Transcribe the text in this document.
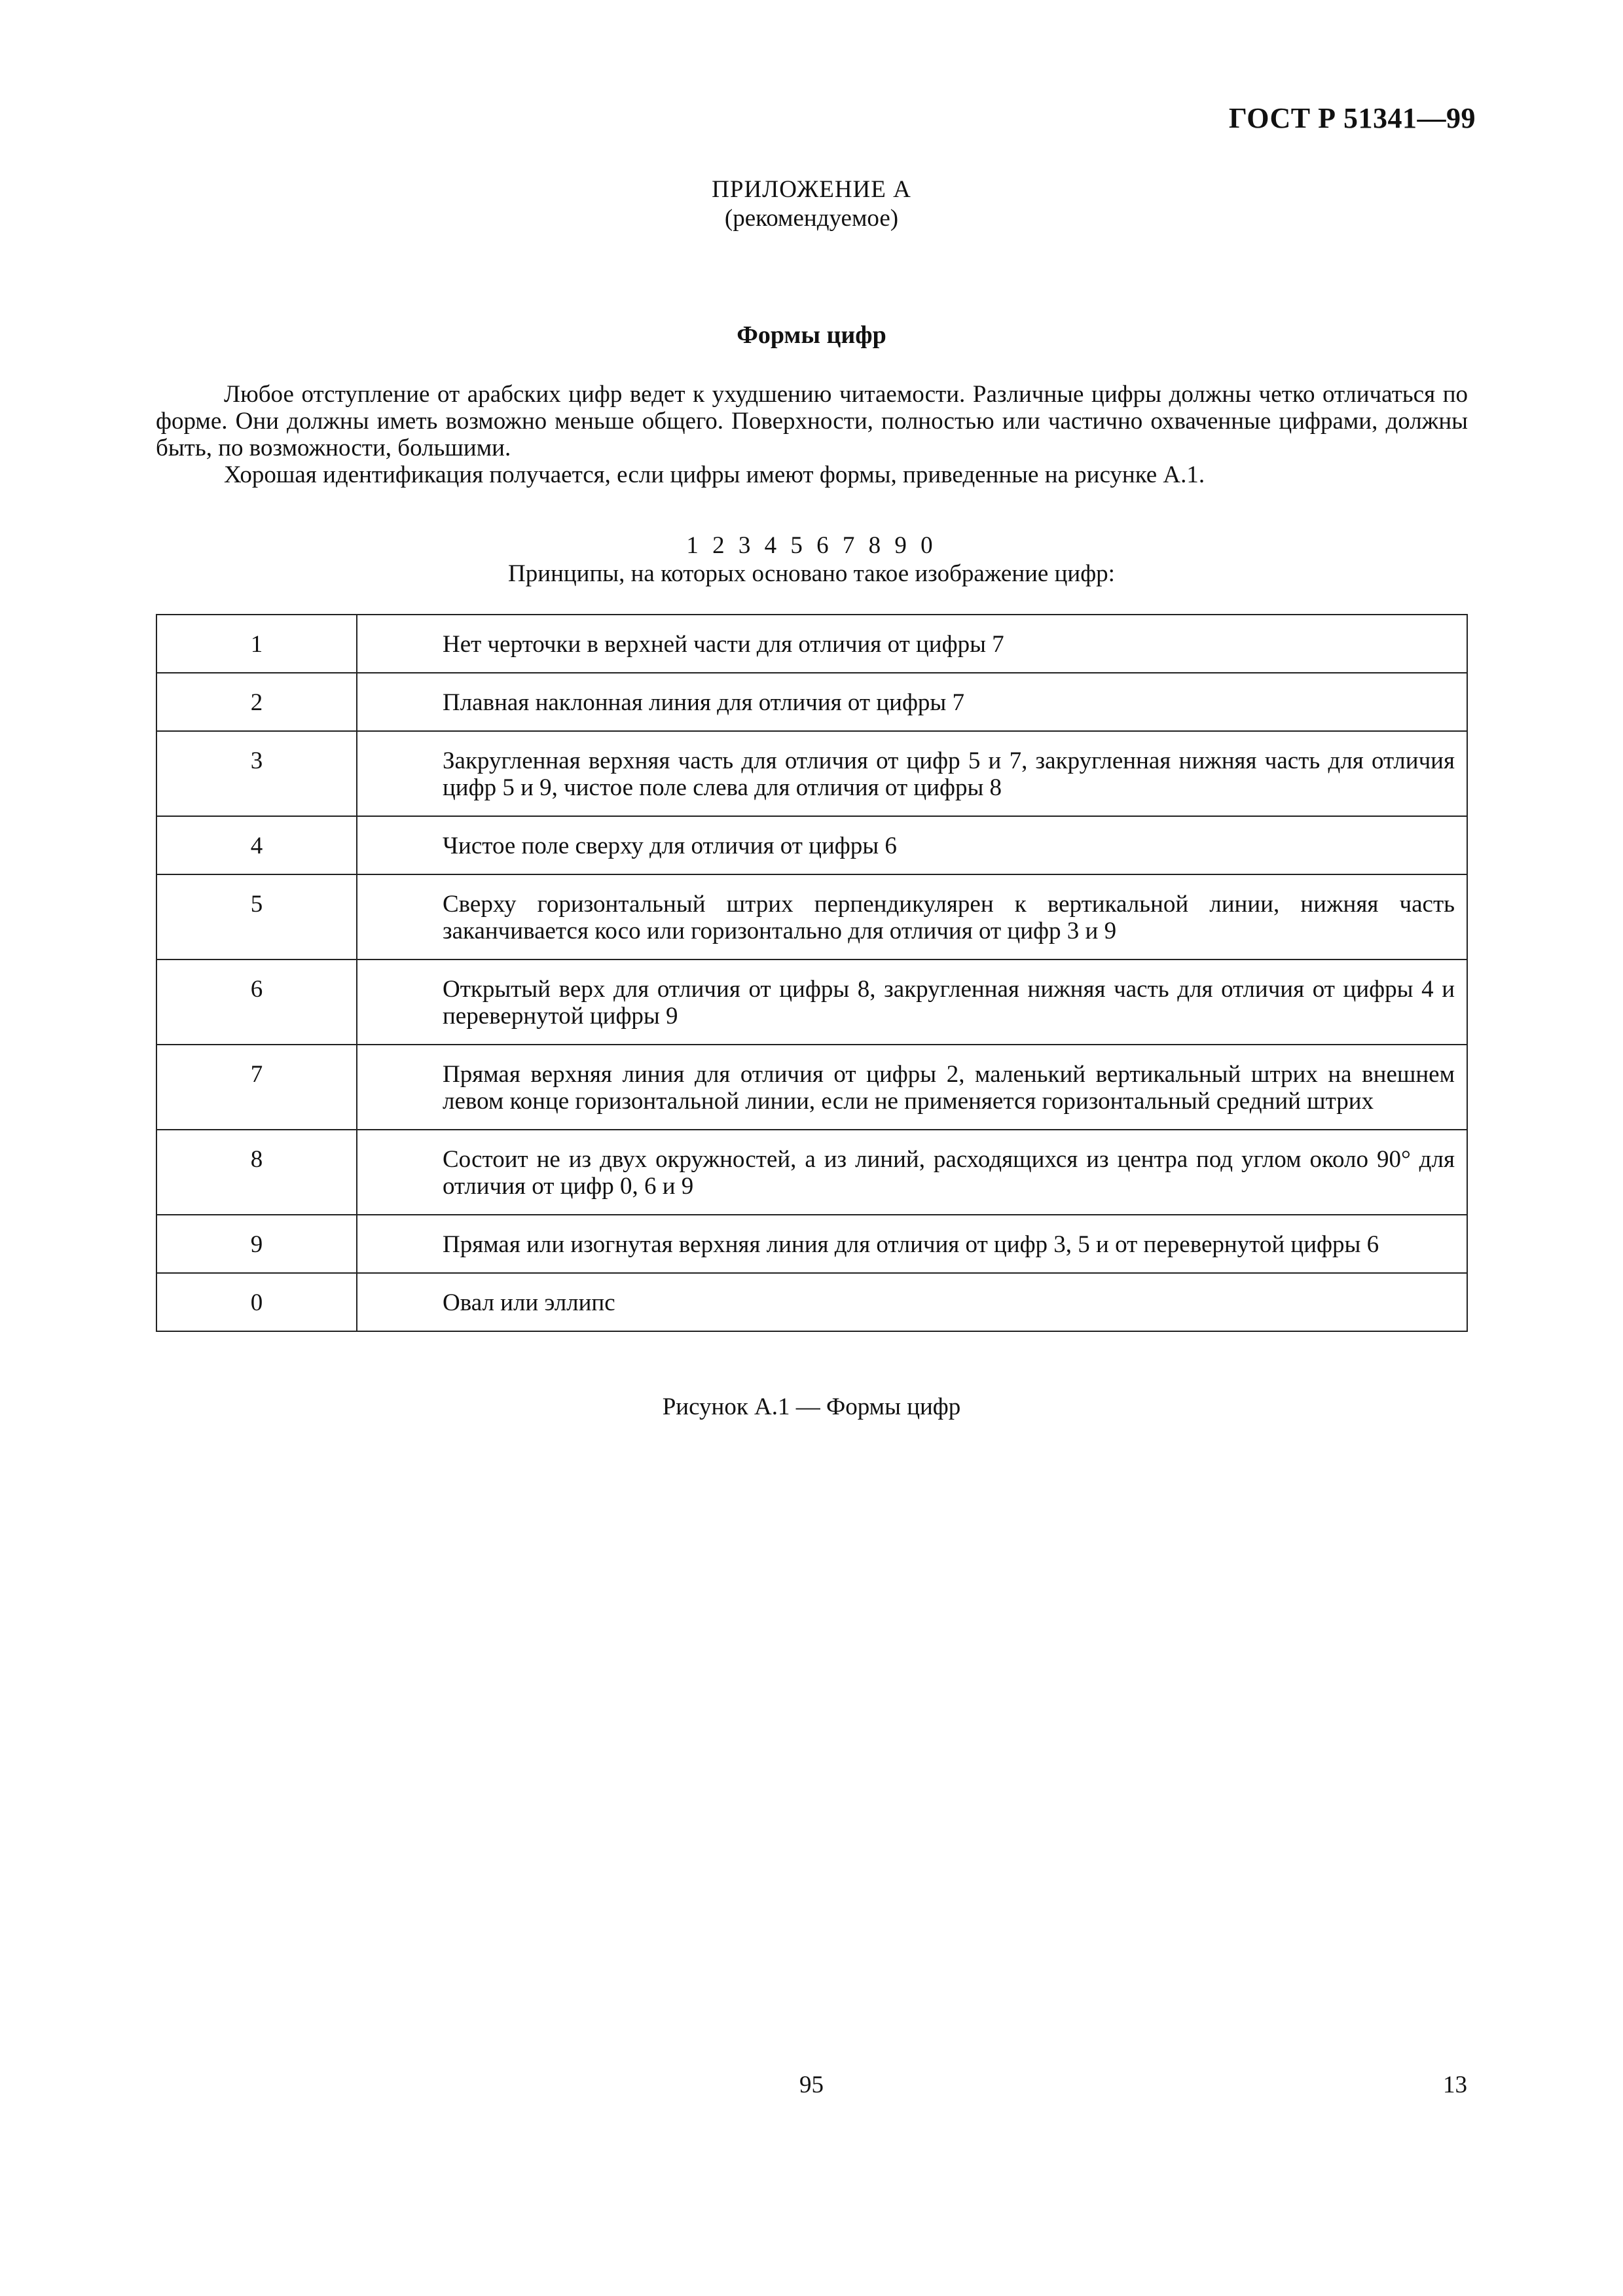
ГОСТ Р 51341—99
ПРИЛОЖЕНИЕ А
(рекомендуемое)
Формы цифр

Любое отступление от арабских цифр ведет к ухудшению читаемости. Различные цифры должны четко отличаться по форме. Они должны иметь возможно меньше общего. Поверхности, полностью или частично охваченные цифрами, должны быть, по возможности, большими.

Хорошая идентификация получается, если цифры имеют формы, приведенные на рисунке А.1.

1 2 3 4 5 6 7 8 9 0
Принципы, на которых основано такое изображение цифр:
1	Нет черточки в верхней части для отличия от цифры 7
2	Плавная наклонная линия для отличия от цифры 7
3	Закругленная верхняя часть для отличия от цифр 5 и 7, закругленная нижняя часть для отличия цифр 5 и 9, чистое поле слева для отличия от цифры 8
4	Чистое поле сверху для отличия от цифры 6
5	Сверху горизонтальный штрих перпендикулярен к вертикальной линии, нижняя часть заканчивается косо или горизонтально для отличия от цифр 3 и 9
6	Открытый верх для отличия от цифры 8, закругленная нижняя часть для отличия от цифры 4 и перевернутой цифры 9
7	Прямая верхняя линия для отличия от цифры 2, маленький вертикальный штрих на внешнем левом конце горизонтальной линии, если не применяется горизонтальный средний штрих
8	Состоит не из двух окружностей, а из линий, расходящихся из центра под углом около 90° для отличия от цифр 0, 6 и 9
9	Прямая или изогнутая верхняя линия для отличия от цифр 3, 5 и от перевернутой цифры 6
0	Овал или эллипс
Рисунок А.1 — Формы цифр
95	13
